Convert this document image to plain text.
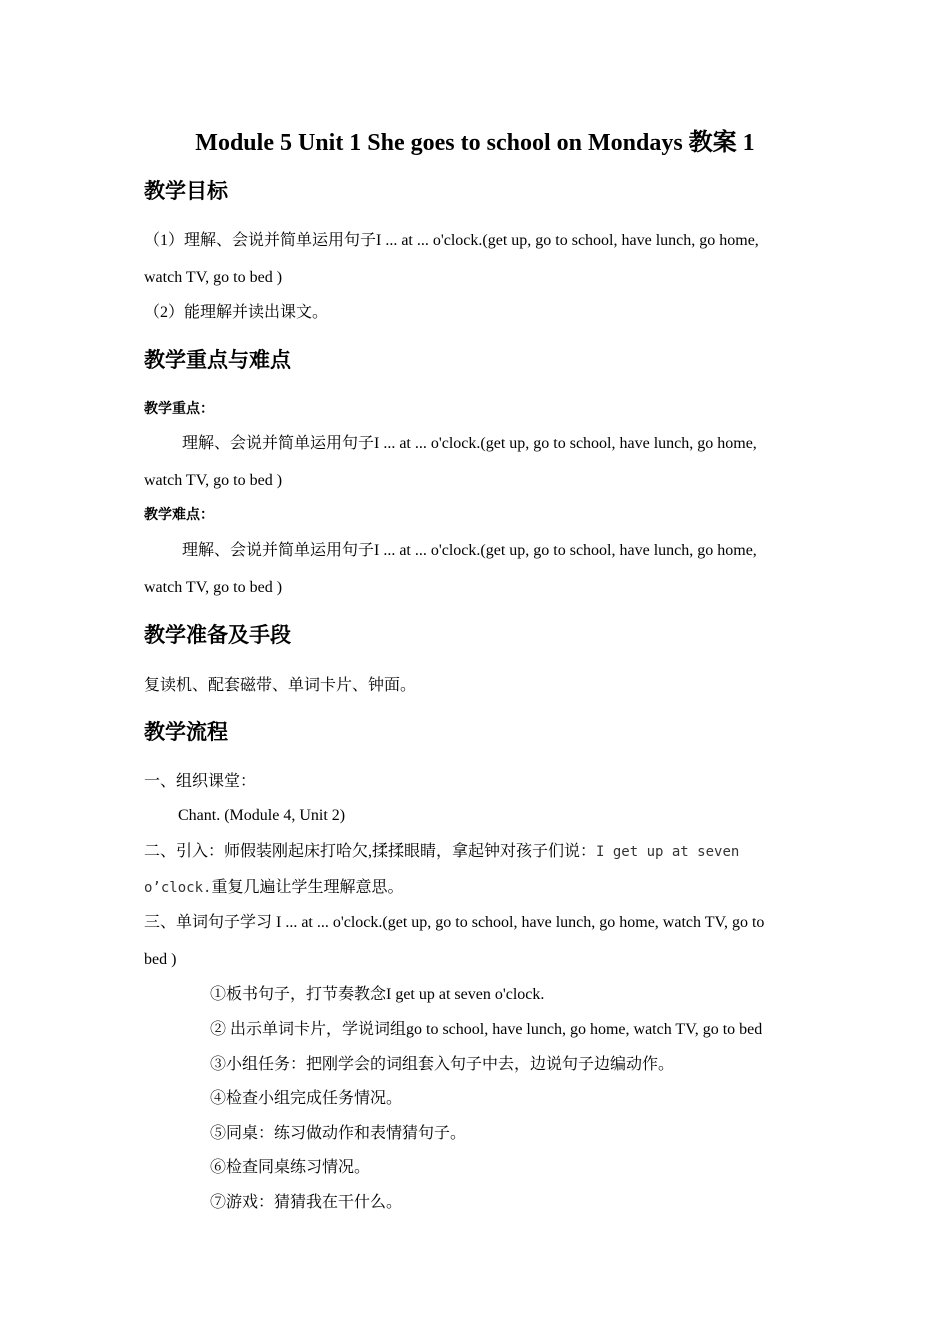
Module 5 Unit 1 She goes to school on Mondays 教案 1
教学目标
（1）理解、会说并简单运用句子I ... at ... o'clock.(get up, go to school, have lunch, go home,
watch TV, go to bed )
（2）能理解并读出课文。
教学重点与难点
教学重点：
理解、会说并简单运用句子I ... at ... o'clock.(get up, go to school, have lunch, go home,
watch TV, go to bed )
教学难点：
理解、会说并简单运用句子I ... at ... o'clock.(get up, go to school, have lunch, go home,
watch TV, go to bed )
教学准备及手段
复读机、配套磁带、单词卡片、钟面。
教学流程
一、组织课堂：
Chant. (Module 4, Unit 2)
二、引入：师假装刚起床打哈欠,揉揉眼睛，拿起钟对孩子们说：I get up at seven
o’clock.重复几遍让学生理解意思。
三、单词句子学习 I ... at ... o'clock.(get up, go to school, have lunch, go home, watch TV, go to
bed )
①板书句子，打节奏教念I get up at seven o'clock.
② 出示单词卡片，学说词组go to school, have lunch, go home, watch TV, go to bed
③小组任务：把刚学会的词组套入句子中去，边说句子边编动作。
④检查小组完成任务情况。
⑤同桌：练习做动作和表情猜句子。
⑥检查同桌练习情况。
⑦游戏：猜猜我在干什么。
